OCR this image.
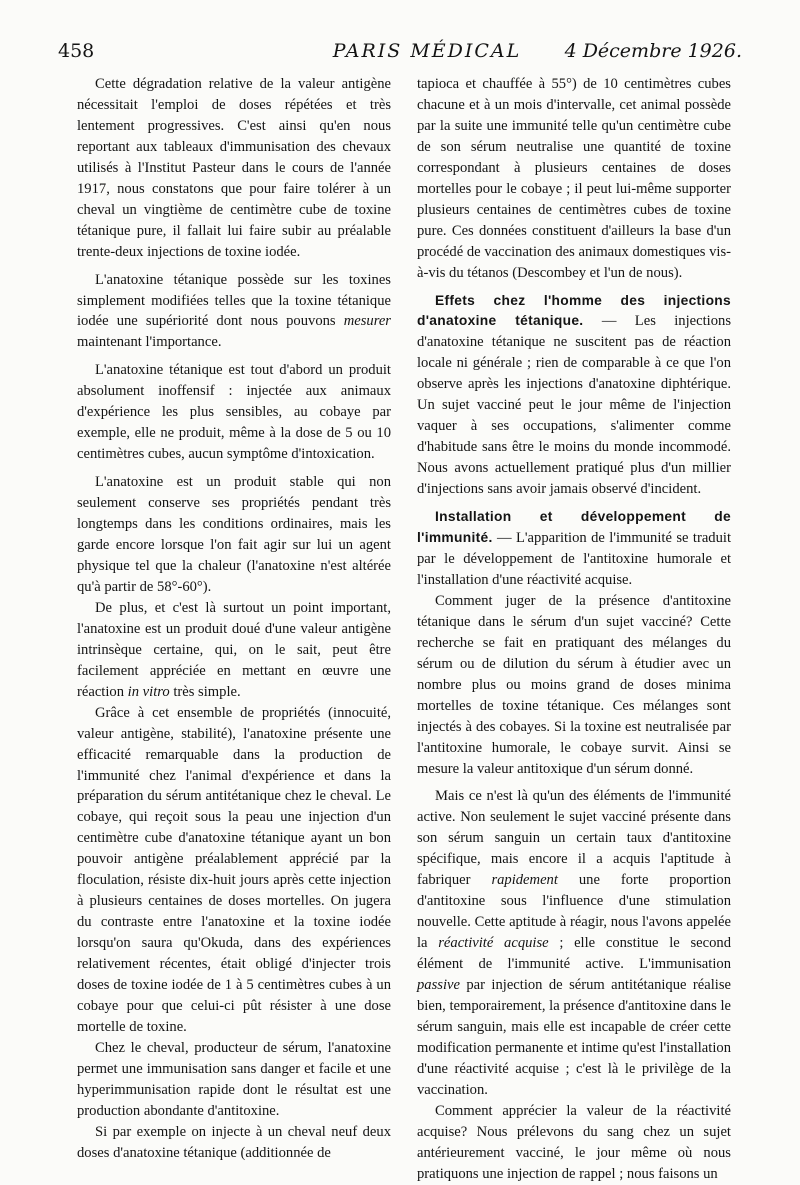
458	PARIS MÉDICAL	4 Décembre 1926.

Cette dégradation relative de la valeur antigène nécessitait l'emploi de doses répétées et très lentement progressives. C'est ainsi qu'en nous reportant aux tableaux d'immunisation des chevaux utilisés à l'Institut Pasteur dans le cours de l'année 1917, nous constatons que pour faire tolérer à un cheval un vingtième de centimètre cube de toxine tétanique pure, il fallait lui faire subir au préalable trente-deux injections de toxine iodée.

L'anatoxine tétanique possède sur les toxines simplement modifiées telles que la toxine tétanique iodée une supériorité dont nous pouvons mesurer maintenant l'importance.

L'anatoxine tétanique est tout d'abord un produit absolument inoffensif : injectée aux animaux d'expérience les plus sensibles, au cobaye par exemple, elle ne produit, même à la dose de 5 ou 10 centimètres cubes, aucun symptôme d'intoxication.

L'anatoxine est un produit stable qui non seulement conserve ses propriétés pendant très longtemps dans les conditions ordinaires, mais les garde encore lorsque l'on fait agir sur lui un agent physique tel que la chaleur (l'anatoxine n'est altérée qu'à partir de 58°-60°).

De plus, et c'est là surtout un point important, l'anatoxine est un produit doué d'une valeur antigène intrinsèque certaine, qui, on le sait, peut être facilement appréciée en mettant en œuvre une réaction in vitro très simple.

Grâce à cet ensemble de propriétés (innocuité, valeur antigène, stabilité), l'anatoxine présente une efficacité remarquable dans la production de l'immunité chez l'animal d'expérience et dans la préparation du sérum antitétanique chez le cheval. Le cobaye, qui reçoit sous la peau une injection d'un centimètre cube d'anatoxine tétanique ayant un bon pouvoir antigène préalablement apprécié par la floculation, résiste dix-huit jours après cette injection à plusieurs centaines de doses mortelles. On jugera du contraste entre l'anatoxine et la toxine iodée lorsqu'on saura qu'Okuda, dans des expériences relativement récentes, était obligé d'injecter trois doses de toxine iodée de 1 à 5 centimètres cubes à un cobaye pour que celui-ci pût résister à une dose mortelle de toxine.

Chez le cheval, producteur de sérum, l'anatoxine permet une immunisation sans danger et facile et une hyperimmunisation rapide dont le résultat est une production abondante d'antitoxine.

Si par exemple on injecte à un cheval neuf deux doses d'anatoxine tétanique (additionnée de

tapioca et chauffée à 55°) de 10 centimètres cubes chacune et à un mois d'intervalle, cet animal possède par la suite une immunité telle qu'un centimètre cube de son sérum neutralise une quantité de toxine correspondant à plusieurs centaines de doses mortelles pour le cobaye ; il peut lui-même supporter plusieurs centaines de centimètres cubes de toxine pure. Ces données constituent d'ailleurs la base d'un procédé de vaccination des animaux domestiques vis-à-vis du tétanos (Descombey et l'un de nous).

Effets chez l'homme des injections d'anatoxine tétanique. — Les injections d'anatoxine tétanique ne suscitent pas de réaction locale ni générale ; rien de comparable à ce que l'on observe après les injections d'anatoxine diphtérique. Un sujet vacciné peut le jour même de l'injection vaquer à ses occupations, s'alimenter comme d'habitude sans être le moins du monde incommodé. Nous avons actuellement pratiqué plus d'un millier d'injections sans avoir jamais observé d'incident.

Installation et développement de l'immunité. — L'apparition de l'immunité se traduit par le développement de l'antitoxine humorale et l'installation d'une réactivité acquise.

Comment juger de la présence d'antitoxine tétanique dans le sérum d'un sujet vacciné? Cette recherche se fait en pratiquant des mélanges du sérum ou de dilution du sérum à étudier avec un nombre plus ou moins grand de doses minima mortelles de toxine tétanique. Ces mélanges sont injectés à des cobayes. Si la toxine est neutralisée par l'antitoxine humorale, le cobaye survit. Ainsi se mesure la valeur antitoxique d'un sérum donné.

Mais ce n'est là qu'un des éléments de l'immunité active. Non seulement le sujet vacciné présente dans son sérum sanguin un certain taux d'antitoxine spécifique, mais encore il a acquis l'aptitude à fabriquer rapidement une forte proportion d'antitoxine sous l'influence d'une stimulation nouvelle. Cette aptitude à réagir, nous l'avons appelée la réactivité acquise ; elle constitue le second élément de l'immunité active. L'immunisation passive par injection de sérum antitétanique réalise bien, temporairement, la présence d'antitoxine dans le sérum sanguin, mais elle est incapable de créer cette modification permanente et intime qu'est l'installation d'une réactivité acquise ; c'est là le privilège de la vaccination.

Comment apprécier la valeur de la réactivité acquise? Nous prélevons du sang chez un sujet antérieurement vacciné, le jour même où nous pratiquons une injection de rappel ; nous faisons un
